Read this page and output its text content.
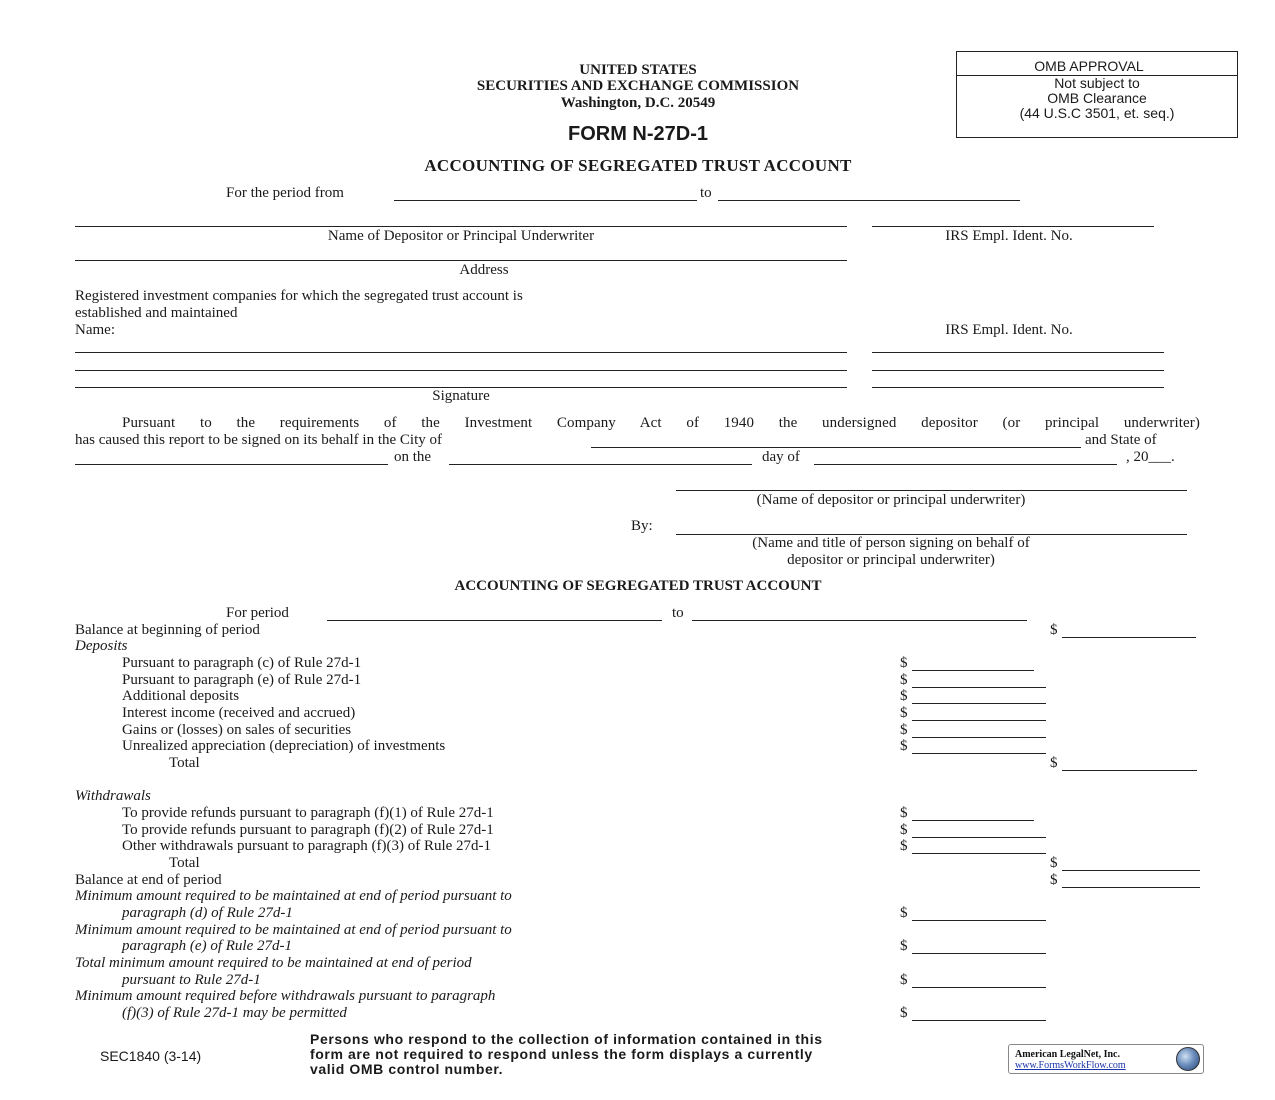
OMB APPROVAL
Not subject to
OMB Clearance
(44 U.S.C 3501, et. seq.)
UNITED STATES
SECURITIES AND EXCHANGE COMMISSION
Washington, D.C. 20549
FORM N-27D-1
ACCOUNTING OF SEGREGATED TRUST ACCOUNT
For the period from	to
Name of Depositor or Principal Underwriter	IRS Empl. Ident. No.
Address
Registered investment companies for which the segregated trust account is
established and maintained
Name:	IRS Empl. Ident. No.
Signature
Pursuant to the requirements of the Investment Company Act of 1940 the undersigned depositor (or principal underwriter)
has caused this report to be signed on its behalf in the City of	and State of
on the	day of	, 20___.
(Name of depositor or principal underwriter)
By:
(Name and title of person signing on behalf of
depositor or principal underwriter)
ACCOUNTING OF SEGREGATED TRUST ACCOUNT
For period	to
Balance at beginning of period	$
Deposits
Pursuant to paragraph (c) of Rule 27d-1	$
Pursuant to paragraph (e) of Rule 27d-1	$
Additional deposits	$
Interest income (received and accrued)	$
Gains or (losses) on sales of securities	$
Unrealized appreciation (depreciation) of investments	$
Total	$
Withdrawals
To provide refunds pursuant to paragraph (f)(1) of Rule 27d-1	$
To provide refunds pursuant to paragraph (f)(2) of Rule 27d-1	$
Other withdrawals pursuant to paragraph (f)(3) of Rule 27d-1	$
Total	$
Balance at end of period	$
Minimum amount required to be maintained at end of period pursuant to
paragraph (d) of Rule 27d-1	$
Minimum amount required to be maintained at end of period pursuant to
paragraph (e) of Rule 27d-1	$
Total minimum amount required to be maintained at end of period
pursuant to Rule 27d-1	$
Minimum amount required before withdrawals pursuant to paragraph
(f)(3) of Rule 27d-1 may be permitted	$
SEC1840 (3-14)
Persons who respond to the collection of information contained in this
form are not required to respond unless the form displays a currently
valid OMB control number.
American LegalNet, Inc.
www.FormsWorkFlow.com
